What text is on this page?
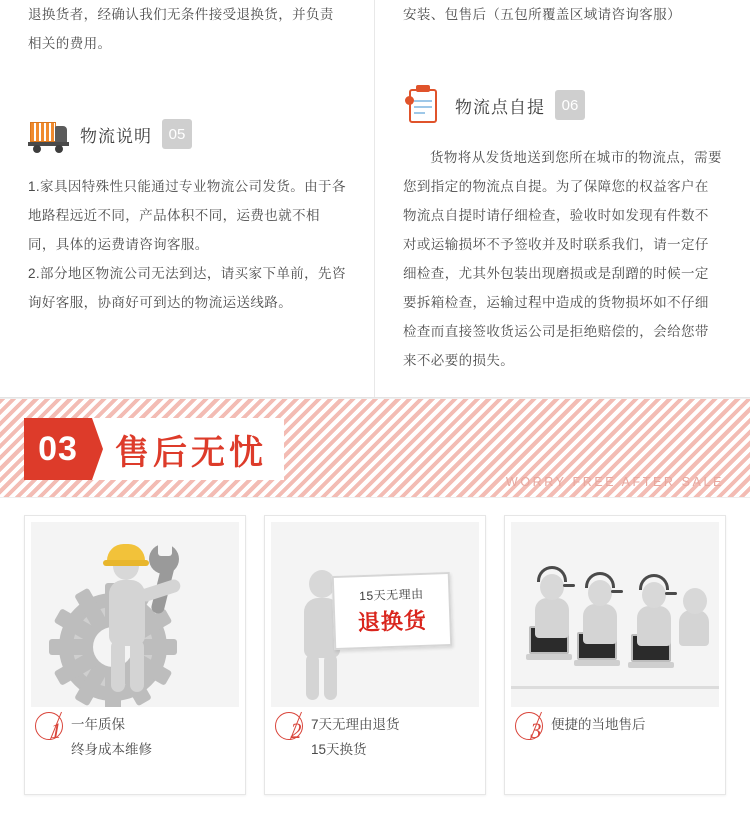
退换货者，经确认我们无条件接受退换货，并负责相关的费用。
物流说明	05

1.家具因特殊性只能通过专业物流公司发货。由于各地路程远近不同，产品体积不同，运费也就不相同，具体的运费请咨询客服。

2.部分地区物流公司无法到达，请买家下单前，先咨询好客服，协商好可到达的物流运送线路。

安装、包售后（五包所覆盖区域请咨询客服）
物流点自提	06

货物将从发货地送到您所在城市的物流点，需要您到指定的物流点自提。为了保障您的权益客户在物流点自提时请仔细检查，验收时如发现有件数不对或运输损坏不予签收并及时联系我们，请一定仔细检查，尤其外包装出现磨损或是刮蹭的时候一定要拆箱检查，运输过程中造成的货物损坏如不仔细检查而直接签收货运公司是拒绝赔偿的，会给您带来不必要的损失。

03	售后无忧
WORRY FREE AFTER SALE
1 一年质保
终身成本维修
15天无理由
退换货
2 7天无理由退货
15天换货
3 便捷的当地售后
